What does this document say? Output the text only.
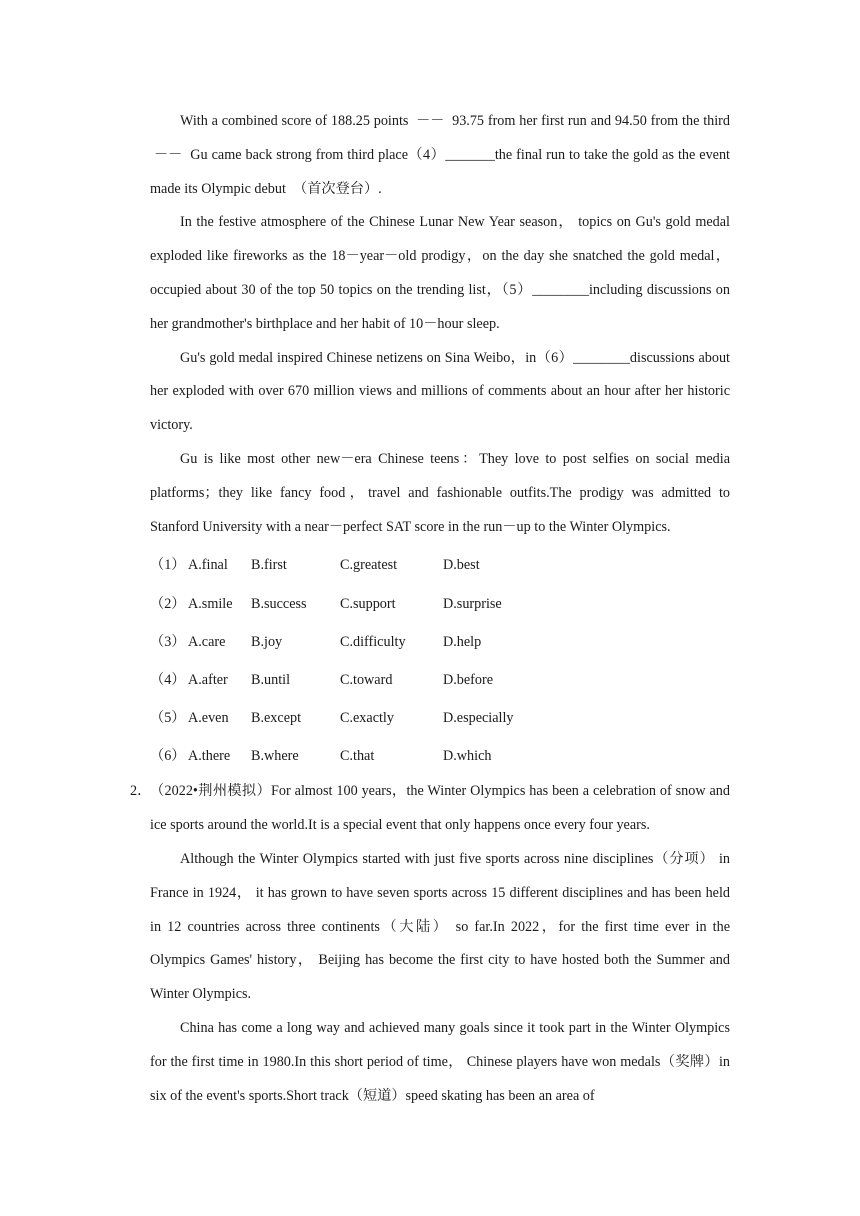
With a combined score of 188.25 points  －－  93.75 from her first run and 94.50 from the third  －－  Gu came back strong from third place（4）_______the final run to take the gold as the event made its Olympic debut  （首次登台）.

In the festive atmosphere of the Chinese Lunar New Year season， topics on Gu's gold medal exploded like fireworks as the 18－year－old prodigy，on the day she snatched the gold medal， occupied about 30 of the top 50 topics on the trending list，（5）________including discussions on her grandmother's birthplace and her habit of 10－hour sleep.

Gu's gold medal inspired Chinese netizens on Sina Weibo，in（6）________discussions about her exploded with over 670 million views and millions of comments about an hour after her historic victory.

Gu is like most other new－era Chinese teens：They love to post selfies on social media platforms；they like fancy food，travel and fashionable outfits.The prodigy was admitted to Stanford University with a near－perfect SAT score in the run－up to the Winter Olympics.

（1） A.final	B.first	C.greatest	D.best
（2） A.smile	B.success	C.support	D.surprise
（3） A.care	B.joy	C.difficulty	D.help
（4） A.after	B.until	C.toward	D.before
（5） A.even	B.except	C.exactly	D.especially
（6） A.there	B.where	C.that	D.which

2．
（2022•荆州模拟）For almost 100 years，the Winter Olympics has been a celebration of snow and ice sports around the world.It is a special event that only happens once every four years.

Although the Winter Olympics started with just five sports across nine disciplines（分项） in France in 1924， it has grown to have seven sports across 15 different disciplines and has been held in 12 countries across three continents（大陆） so far.In 2022，for the first time ever in the Olympics Games' history， Beijing has become the first city to have hosted both the Summer and Winter Olympics.

China has come a long way and achieved many goals since it took part in the Winter Olympics for the first time in 1980.In this short period of time， Chinese players have won medals（奖牌）in six of the event's sports.Short track（短道）speed skating has been an area of
